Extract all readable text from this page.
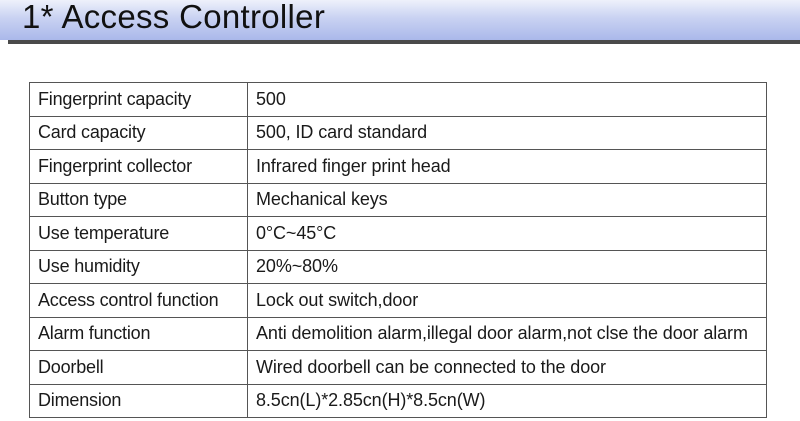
1* Access Controller
Fingerprint capacity	500
Card capacity	500, ID card standard
Fingerprint collector	Infrared finger print head
Button type	Mechanical keys
Use temperature	0°C~45°C
Use humidity	20%~80%
Access control function	Lock out switch,door
Alarm function	Anti demolition alarm,illegal door alarm,not clse the door alarm
Doorbell	Wired doorbell can be connected to the door
Dimension	8.5cn(L)*2.85cn(H)*8.5cn(W)
